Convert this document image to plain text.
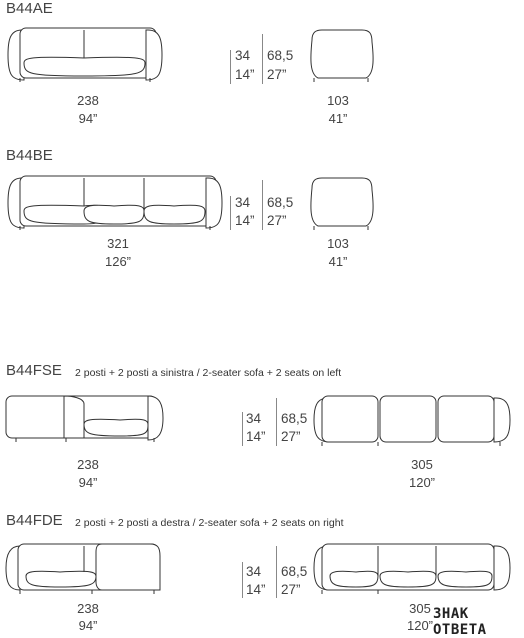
B44AE
238
94”
34
14”
68,5
27”
103
41”
B44BE
321
126”
34
14”
68,5
27”
103
41”
B44FSE 2 posti + 2 posti a sinistra / 2-seater sofa + 2 seats on left
238
94”
34
14”
68,5
27”
305
120”
B44FDE 2 posti + 2 posti a destra / 2-seater sofa + 2 seats on right
238
94”
34
14”
68,5
27”
305
120”
ЗНАК ОТВЕТА
